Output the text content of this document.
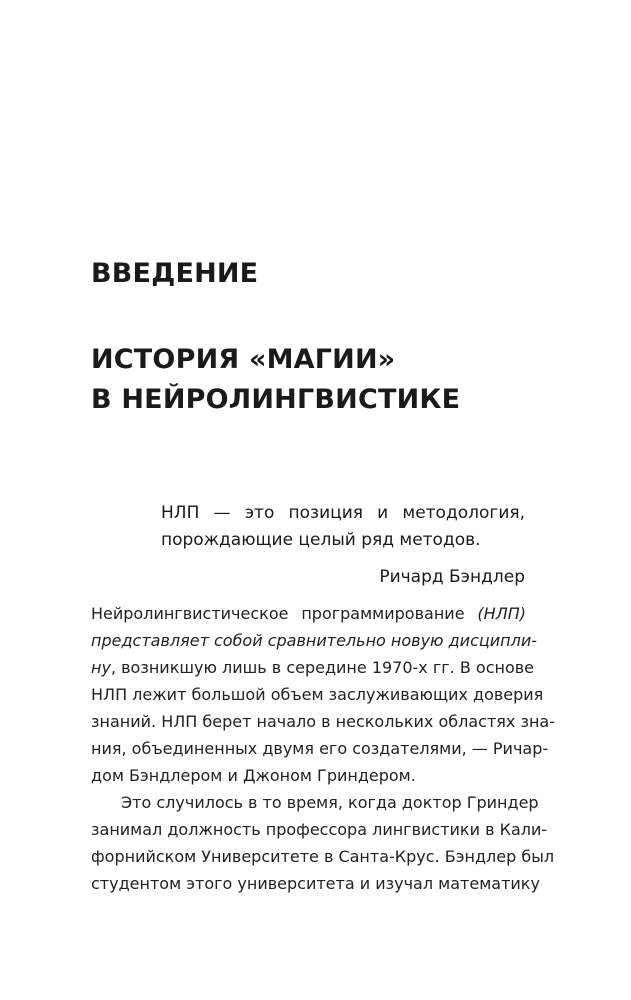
ВВЕДЕНИЕ
ИСТОРИЯ «МАГИИ»
В НЕЙРОЛИНГВИСТИКЕ

НЛП — это позиция и методология,
порождающие целый ряд методов.

Ричард Бэндлер

Нейролингвистическое программирование (НЛП)
представляет собой сравнительно новую дисципли-
ну, возникшую лишь в середине 1970-х гг. В основе
НЛП лежит большой объем заслуживающих доверия
знаний. НЛП берет начало в нескольких областях зна-
ния, объединенных двумя его создателями, — Ричар-
дом Бэндлером и Джоном Гриндером.
Это случилось в то время, когда доктор Гриндер
занимал должность профессора лингвистики в Кали-
форнийском Университете в Санта-Крус. Бэндлер был
студентом этого университета и изучал математику
